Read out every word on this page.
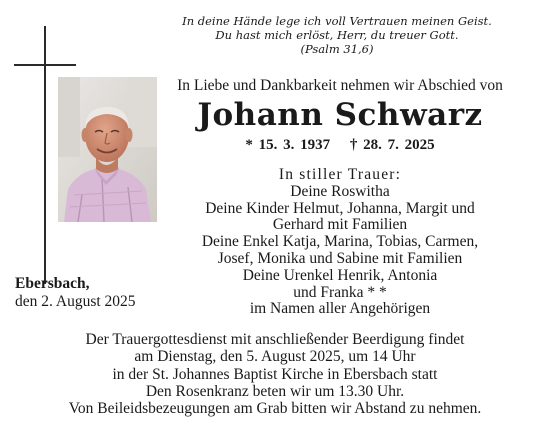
In deine Hände lege ich voll Vertrauen meinen Geist.
Du hast mich erlöst, Herr, du treuer Gott.
(Psalm 31,6)
In Liebe und Dankbarkeit nehmen wir Abschied von
Johann Schwarz
* 15. 3. 1937 † 28. 7. 2025
In stiller Trauer:
Deine Roswitha
Deine Kinder Helmut, Johanna, Margit und
Gerhard mit Familien
Deine Enkel Katja, Marina, Tobias, Carmen,
Josef, Monika und Sabine mit Familien
Deine Urenkel Henrik, Antonia
und Franka * *
im Namen aller Angehörigen
Ebersbach,
den 2. August 2025
Der Trauergottesdienst mit anschließender Beerdigung findet
am Dienstag, den 5. August 2025, um 14 Uhr
in der St. Johannes Baptist Kirche in Ebersbach statt
Den Rosenkranz beten wir um 13.30 Uhr.
Von Beileidsbezeugungen am Grab bitten wir Abstand zu nehmen.
